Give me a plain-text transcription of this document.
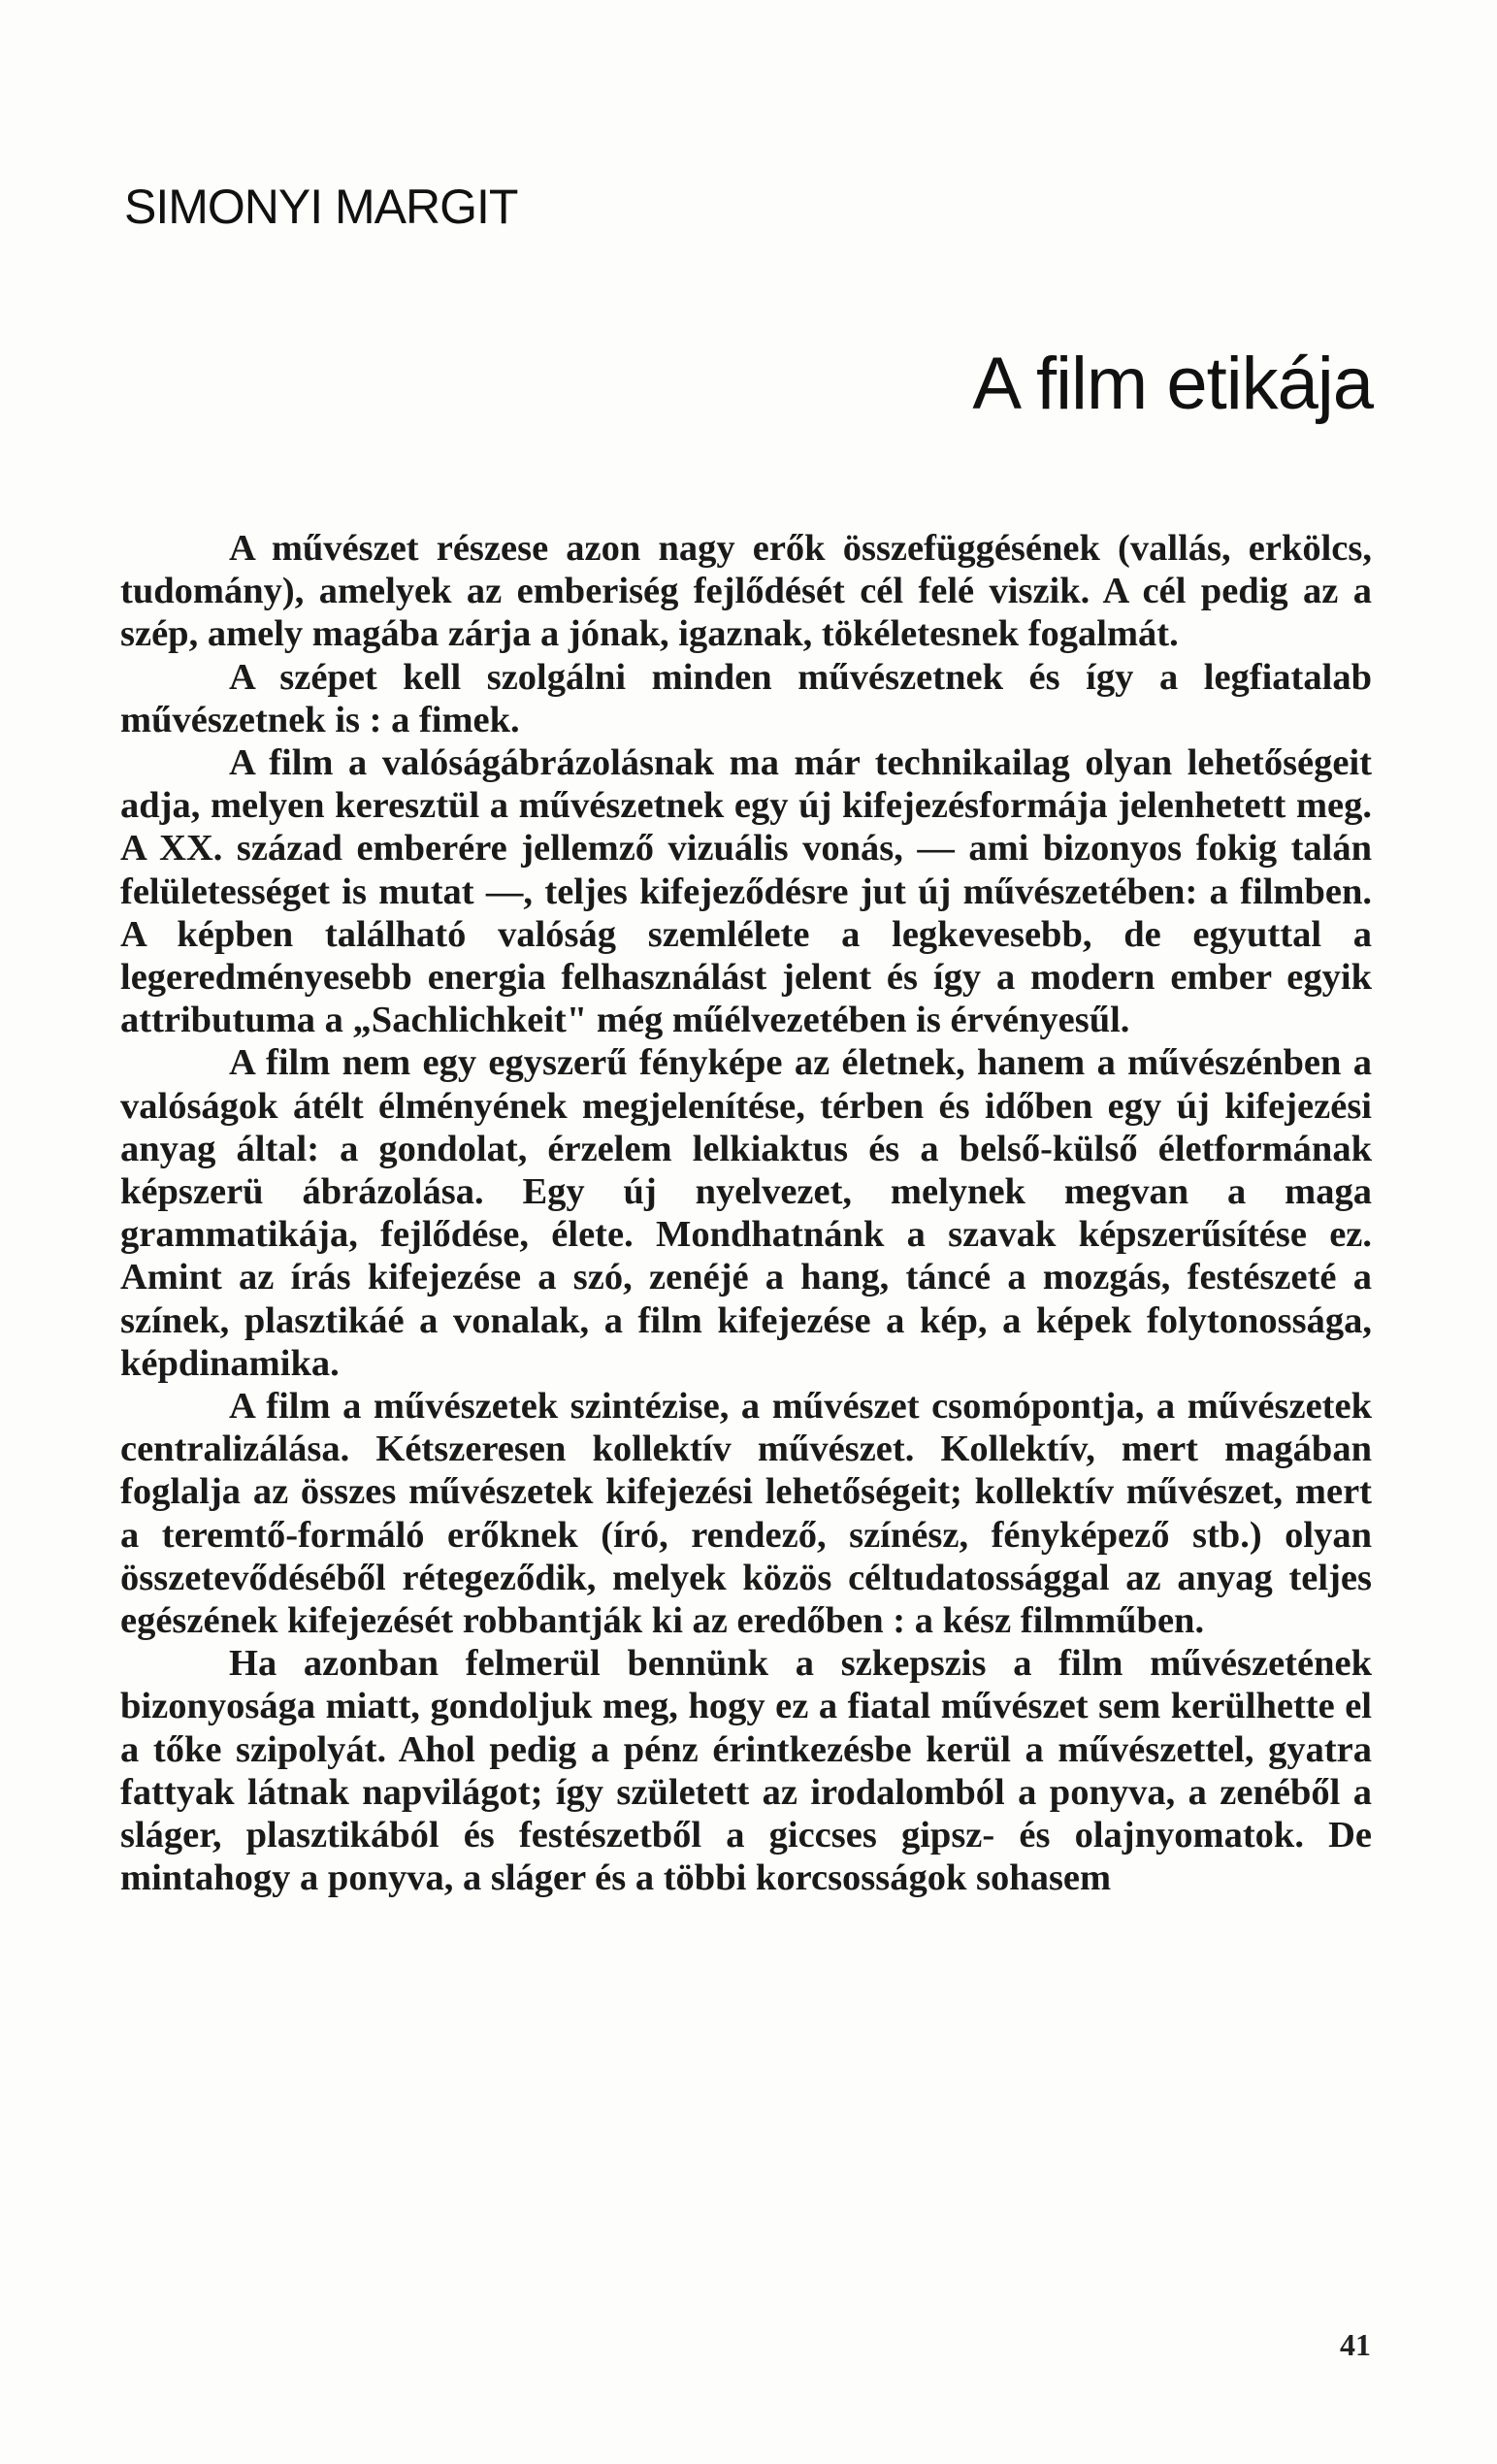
SIMONYI MARGIT
A film etikája

A művészet részese azon nagy erők összefüggésének (vallás, erkölcs, tudomány), amelyek az emberiség fejlődését cél felé viszik. A cél pedig az a szép, amely magába zárja a jónak, igaznak, tökéletesnek fogalmát.

A szépet kell szolgálni minden művészetnek és így a legfiatalab művészetnek is : a fimek.

A film a valóságábrázolásnak ma már technikailag olyan lehetőségeit adja, melyen keresztül a művészetnek egy új kifejezésformája jelenhetett meg. A XX. század emberére jellemző vizuális vonás, — ami bizonyos fokig talán felületességet is mutat —, teljes kifejeződésre jut új művészetében: a filmben. A képben található valóság szemlélete a legkevesebb, de egyuttal a legeredményesebb energia felhasználást jelent és így a modern ember egyik attributuma a „Sachlichkeit" még műélvezetében is érvényesűl.

A film nem egy egyszerű fényképe az életnek, hanem a művészénben a valóságok átélt élményének megjelenítése, térben és időben egy új kifejezési anyag által: a gondolat, érzelem lelkiaktus és a belső-külső életformának képszerü ábrázolása. Egy új nyelvezet, melynek megvan a maga grammatikája, fejlődése, élete. Mondhatnánk a szavak képszerűsítése ez. Amint az írás kifejezése a szó, zenéjé a hang, táncé a mozgás, festészeté a színek, plasztikáé a vonalak, a film kifejezése a kép, a képek folytonossága, képdinamika.

A film a művészetek szintézise, a művészet csomópontja, a művészetek centralizálása. Kétszeresen kollektív művészet. Kollektív, mert magában foglalja az összes művészetek kifejezési lehetőségeit; kollektív művészet, mert a teremtő-formáló erőknek (író, rendező, színész, fényképező stb.) olyan összetevődéséből rétegeződik, melyek közös céltudatossággal az anyag teljes egészének kifejezését robbantják ki az eredőben : a kész filmműben.

Ha azonban felmerül bennünk a szkepszis a film művészetének bizonyosága miatt, gondoljuk meg, hogy ez a fiatal művészet sem kerülhette el a tőke szipolyát. Ahol pedig a pénz érintkezésbe kerül a művészettel, gyatra fattyak látnak napvilágot; így született az irodalomból a ponyva, a zenéből a sláger, plasztikából és festészetből a giccses gipsz- és olajnyomatok. De mintahogy a ponyva, a sláger és a többi korcsosságok sohasem

41
